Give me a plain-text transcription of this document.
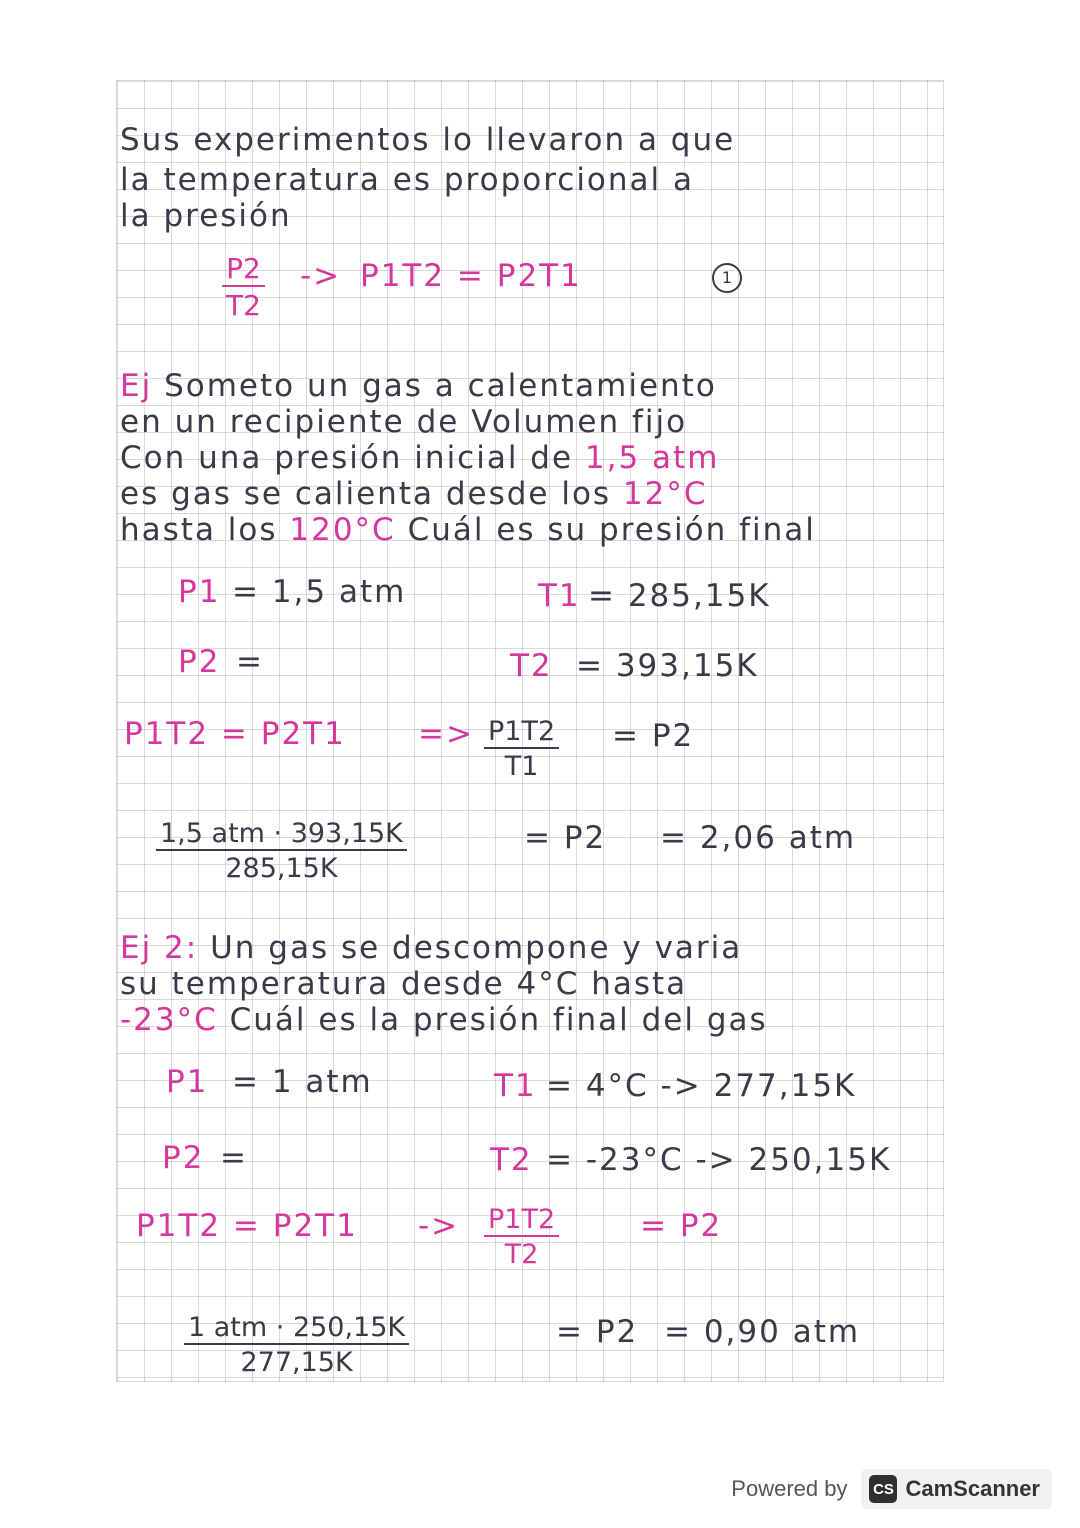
Sus experimentos lo llevaron a que
la temperatura es proporcional a
la presión
$\frac{P2}{T2} -> P1T2 = P2T1$	1
Ej Someto un gas a calentamiento
en un recipiente de Volumen fijo
Con una presión inicial de 1,5 atm
es gas se calienta desde los 12°C
hasta los 120°C Cuál es su presión final
P1 = 1,5 atm	T1 = 285,15K
P2 =	T2 = 393,15K
$P1T2 = P2T1 => \frac{P1T2}{T1} = P2$
1,5 atm · 393,15K
285,15K
= P2 = 2,06 atm
Ej 2: Un gas se descompone y varia
su temperatura desde 4°C hasta
-23°C Cuál es la presión final del gas
P1 = 1 atm	T1 = 4°C -> 277,15K
P2 =	T2 = -23°C -> 250,15K
$P1T2 = P2T1 -> \frac{P1T2}{T2}$	= P2
1 atm · 250,15K
277,15K
= P2 = 0,90 atm
Powered by CS CamScanner
